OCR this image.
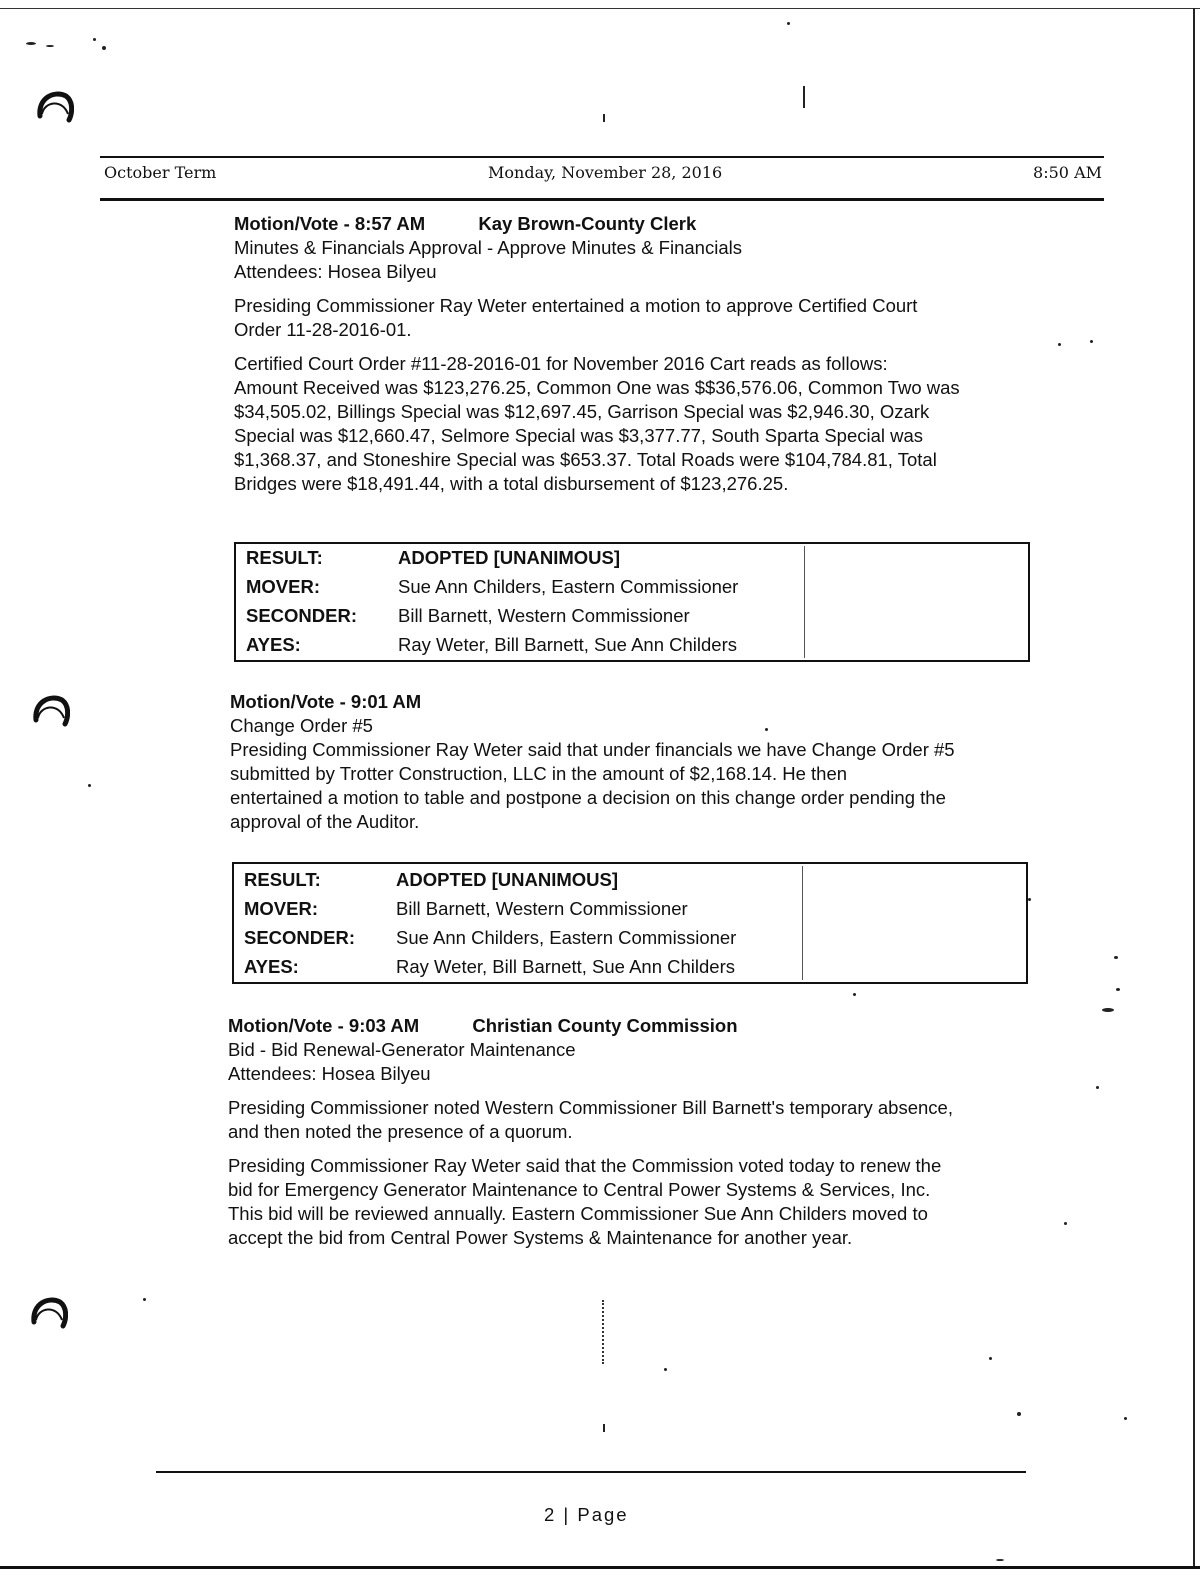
October Term	Monday, November 28, 2016	8:50 AM
Motion/Vote - 8:57 AM	Kay Brown-County Clerk
Minutes & Financials Approval - Approve Minutes & Financials
Attendees: Hosea Bilyeu
Presiding Commissioner Ray Weter entertained a motion to approve Certified Court
Order 11-28-2016-01.
Certified Court Order #11-28-2016-01 for November 2016 Cart reads as follows:
Amount Received was $123,276.25, Common One was $$36,576.06, Common Two was
$34,505.02, Billings Special was $12,697.45, Garrison Special was $2,946.30, Ozark
Special was $12,660.47, Selmore Special was $3,377.77, South Sparta Special was
$1,368.37, and Stoneshire Special was $653.37. Total Roads were $104,784.81, Total
Bridges were $18,491.44, with a total disbursement of $123,276.25.
RESULT:	ADOPTED [UNANIMOUS]
MOVER:	Sue Ann Childers, Eastern Commissioner
SECONDER: Bill Barnett, Western Commissioner
AYES:	Ray Weter, Bill Barnett, Sue Ann Childers
Motion/Vote - 9:01 AM
Change Order #5
Presiding Commissioner Ray Weter said that under financials we have Change Order #5
submitted by Trotter Construction, LLC in the amount of $2,168.14. He then
entertained a motion to table and postpone a decision on this change order pending the
approval of the Auditor.
RESULT:	ADOPTED [UNANIMOUS]
MOVER:	Bill Barnett, Western Commissioner
SECONDER: Sue Ann Childers, Eastern Commissioner
AYES:	Ray Weter, Bill Barnett, Sue Ann Childers
Motion/Vote - 9:03 AM	Christian County Commission
Bid - Bid Renewal-Generator Maintenance
Attendees: Hosea Bilyeu
Presiding Commissioner noted Western Commissioner Bill Barnett's temporary absence,
and then noted the presence of a quorum.
Presiding Commissioner Ray Weter said that the Commission voted today to renew the
bid for Emergency Generator Maintenance to Central Power Systems & Services, Inc.
This bid will be reviewed annually. Eastern Commissioner Sue Ann Childers moved to
accept the bid from Central Power Systems & Maintenance for another year.
2 | Page
